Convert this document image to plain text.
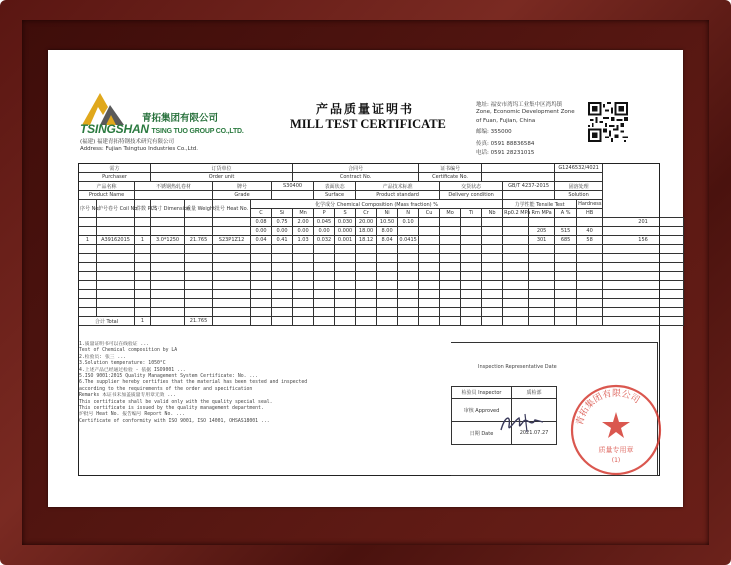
青拓集团有限公司
TSINGSHAN TSING TUO GROUP CO.,LTD.
(福建) 福建青拓特钢技术研究有限公司
Address: Fujian Tsingtuo Industries Co.,Ltd.
产品质量证明书
MILL TEST CERTIFICATE
地址: 福安市湾坞工业集中区湾坞镇
Zone, Economic Development Zone
of Fuan, Fujian, China
邮编: 355000
传真: 0591 88836584
电话: 0591 28231015
需方			订货单位					合同号						证书编号						G1246532/4021		
Purchaser			Order unit					Contract No.						Certificate No.								
产品名称		不锈钢热轧卷材			牌号		S30400		表面状态		产品技术标准				交货状态			GB/T 4237-2015		固溶处理		
Product Name					Grade				Surface		Product standard				Delivery condition					Solution		
序号 No.	炉号卷号 Coil No.	件数 PCS	尺寸 Dimension	重量 Weight	批号 Heat No.	化学成分 Chemical Composition (Mass fraction) %												力学性能 Tensile Test			Hardness	
						C	Si	Mn	P	S	Cr	Ni	N	Cu	Mo	Ti	Nb	Rp0.2 MPa	Rm MPa	A %	HB	
						0.08	0.75	2.00	0.045	0.030	20.00	10.50	0.10									201
						0.00	0.00	0.00	0.00	0.000	18.00	8.00							205	515	40	
1	A39162015	1	3.0*1250	21.765	S23P1Z12	0.04	0.41	1.03	0.032	0.001	18.12	8.04	0.0415						301	685	58	156

合计 Total		1		21.765																		
1.质量证明书可以在线验证 ...
Test of Chemical composition by LA
2.检验员: 张三 ...
3.Solution temperature: 1050°C
4.上述产品已经通过检验 - 依据 ISO9001 ...
5.ISO 9001:2015 Quality Management System Certificate: No. ...
6.The supplier hereby certifies that the material has been tested and inspected
according to the requirements of the order and specification
Remarks 本证书未加盖质量专用章无效 ...
This certificate shall be valid only with the quality special seal.
This certificate is issued by the quality management department.
炉批号 Heat No. 报告编号 Report No. ...
Certificate of conformity with ISO 9001, ISO 14001, OHSAS18001 ...
Inspection Representative Date
检验员 Inspector	质检部
审核 Approved	
日期 Date	2021.07.27
青拓集团有限公司
质量专用章
(1)
